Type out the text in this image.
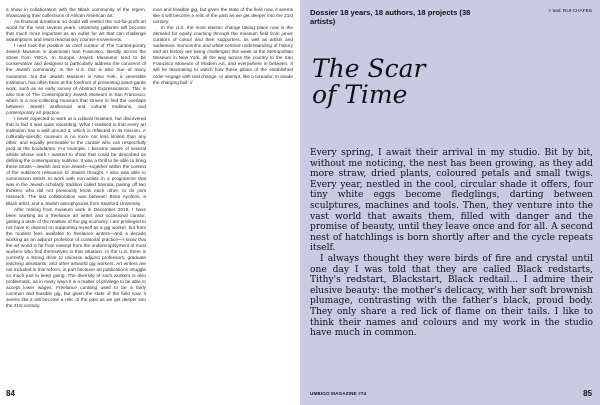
a show in collaboration with the Black community of the region, showcasing their collections of African American art.

As financial donations no doubt will restrict the not-for-profit art world for the next several years, University galleries will become that much more important as an outlet for art that can challenge assumptions and resist reactionary counter-movements.

I next took the position as chief curator of The Contemporary Jewish Museum in downtown San Francisco, literally across the street from YBCA. In Europe, Jewish Museums tend to be conservative and designed to particularly address the concerns of the Jewish community. In the U.S. this is also true of many museums, but the Jewish Museum in New York, a venerable institution, has often been at the forefront of presenting avant-garde work, such as an early survey of Abstract Expressionism. This is also true of The Contemporary Jewish Museum in San Francisco, which is a non-collecting museum that strives to find the overlaps between Jewish intellectual and cultural traditions, and contemporary art practice.

I never expected to work at a cultural museum, but discovered that in fact it was quite rewarding. What I realised is that every art institution has a wall around it, which is reflected in its mission. A culturally-specific museum is no more nor less limited than any other, and equally permeable to the curator who can respectfully prod at the boundaries. For example, I became aware of several artists whose work I wanted to show that could be described as defining the contemporary sublime. It was a thrill to be able to bring these artists—Jewish and non-Jewish—together within the context of the sublime's relevance to Jewish thought. I also was able to commission artists to work with non-artists in a programme that was in the Jewish scholarly tradition called havruta, pairing off two thinkers who did not previously know each other, to do joint research. The last collaboration was between Binta Ayofemi, a Black artist, and a Jewish astrophysicist from Stanford University.

After retiring from museum work in December 2018, I have been working as a freelance art writer and occasional curator, getting a taste of the realities of the gig economy. I am privileged to not have to depend on supporting myself as a gig worker, but from the modest fees available to freelance writers—and a decade working as an adjunct professor of curatorial practice—I know that the art world is far from exempt from the underemployment of most workers who find themselves in that situation. In the U.S. there is currently a strong drive to unionise adjunct professors, graduate teaching assistants, and other artworld gig workers. Art writers are not included in this reform, in part because art publications struggle so much just to keep going. The diversity of such workers is also problematic, as in many ways it is a matter of privilege to be able to accept lower wages. Freelance curating used to be a fairly common and feasible gig, but given the state of the field now, it seems like it will become a relic of the past as we get deeper into the 21st century.

mon and feasible gig, but given the state of the field now, it seems like it will become a relic of the past as we get deeper into the 21st century.

In the U.S. the most electric change taking place now is the demand for equity coursing through the museum field from junior curators of colour and their supporters, as well as artists and audiences. Eurocentric and white-centred understanding of history and art history are being challenged this week at the Metropolitan Museum in New York, all the way across the country to the San Francisco Museum of Modern Art, and everywhere in between. It will be fascinating to watch how these pillars of the established order engage with real change, or attempt, like a toreador, to evade the charging bull. //

84
Dossier 18 years, 18 authors, 18 projects (38 artists)
> text: RUI CHAFES
The Scar
of Time

Every spring, I await their arrival in my studio. Bit by bit, without me noticing, the nest has been growing, as they add more straw, dried plants, coloured petals and small twigs. Every year, nestled in the cool, circular shade it offers, four tiny white eggs become fledglings, darting between sculptures, machines and tools. Then, they venture into the vast world that awaits them, filled with danger and the promise of beauty, until they leave once and for all. A second nest of hatchlings is born shortly after and the cycle repeats itself.

I always thought they were birds of fire and crystal until one day I was told that they are called Black redstarts, Tithy's redstart, Blackstart, Black redtail... I admire their elusive beauty: the mother's delicacy, with her soft brownish plumage, contrasting with the father's black, proud body. They only share a red lick of flame on their tails. I like to think their names and colours and my work in the studio have much in common.

UMBIGO MAGAZINE #74	85
